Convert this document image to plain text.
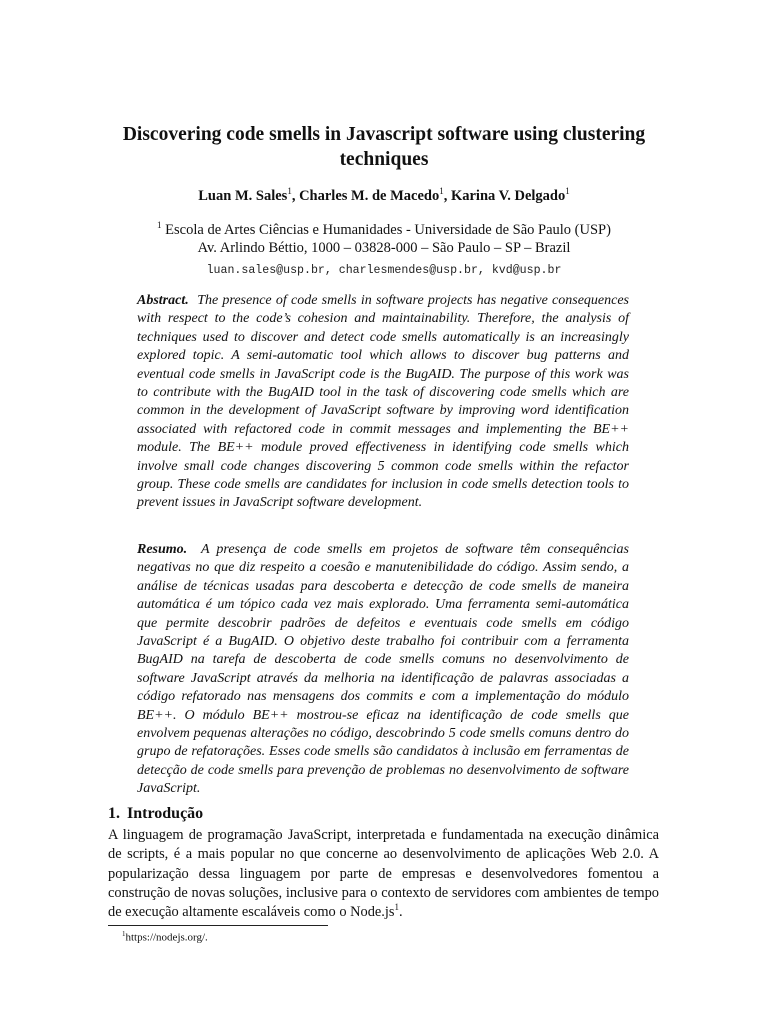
Discovering code smells in Javascript software using clustering techniques
Luan M. Sales$^1$, Charles M. de Macedo$^1$, Karina V. Delgado$^1$
$^1$ Escola de Artes Ciências e Humanidades - Universidade de São Paulo (USP)
Av. Arlindo Béttio, 1000 – 03828-000 – São Paulo – SP – Brazil
luan.sales@usp.br, charlesmendes@usp.br, kvd@usp.br

Abstract. The presence of code smells in software projects has negative consequences with respect to the code’s cohesion and maintainability. Therefore, the analysis of techniques used to discover and detect code smells automatically is an increasingly explored topic. A semi-automatic tool which allows to discover bug patterns and eventual code smells in JavaScript code is the BugAID. The purpose of this work was to contribute with the BugAID tool in the task of discovering code smells which are common in the development of JavaScript software by improving word identification associated with refactored code in commit messages and implementing the BE++ module. The BE++ module proved effectiveness in identifying code smells which involve small code changes discovering 5 common code smells within the refactor group. These code smells are candidates for inclusion in code smells detection tools to prevent issues in JavaScript software development.

Resumo. A presença de code smells em projetos de software têm consequências negativas no que diz respeito a coesão e manutenibilidade do código. Assim sendo, a análise de técnicas usadas para descoberta e detecção de code smells de maneira automática é um tópico cada vez mais explorado. Uma ferramenta semi-automática que permite descobrir padrões de defeitos e eventuais code smells em código JavaScript é a BugAID. O objetivo deste trabalho foi contribuir com a ferramenta BugAID na tarefa de descoberta de code smells comuns no desenvolvimento de software JavaScript através da melhoria na identificação de palavras associadas a código refatorado nas mensagens dos commits e com a implementação do módulo BE++. O módulo BE++ mostrou-se eficaz na identificação de code smells que envolvem pequenas alterações no código, descobrindo 5 code smells comuns dentro do grupo de refatorações. Esses code smells são candidatos à inclusão em ferramentas de detecção de code smells para prevenção de problemas no desenvolvimento de software JavaScript.

1. Introdução

A linguagem de programação JavaScript, interpretada e fundamentada na execução dinâmica de scripts, é a mais popular no que concerne ao desenvolvimento de aplicações Web 2.0. A popularização dessa linguagem por parte de empresas e desenvolvedores fomentou a construção de novas soluções, inclusive para o contexto de servidores com ambientes de tempo de execução altamente escaláveis como o $Node.js^1$.

$^1$https://nodejs.org/.
